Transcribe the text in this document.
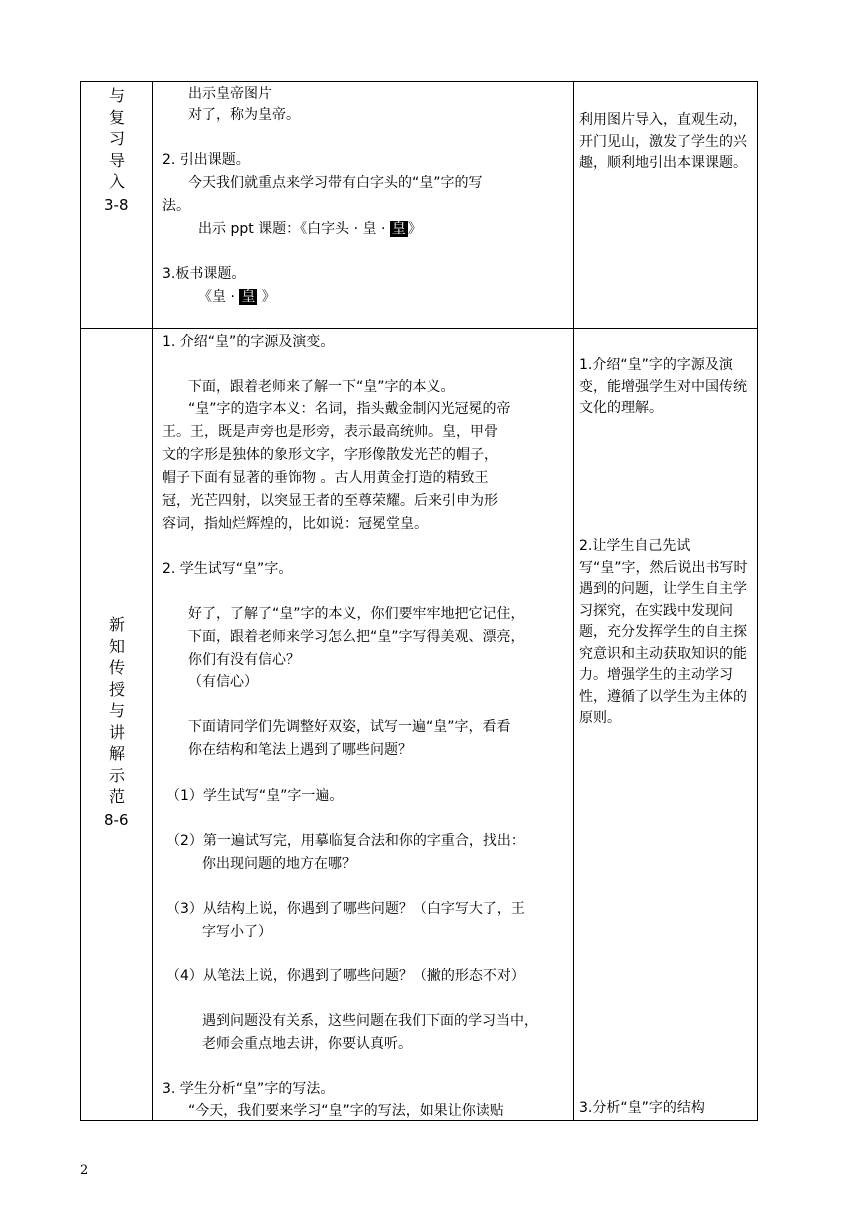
与
复
习
导
入
3-8
出示皇帝图片
对了，称为皇帝。
2. 引出课题。
今天我们就重点来学习带有白字头的“皇”字的写
法。
出示 ppt 课题：《白字头 · 皇 · 皇 》
3.板书课题。
《皇 · 皇 》
利用图片导入，直观生动，开门见山，激发了学生的兴趣，顺利地引出本课课题。
新
知
传
授
与
讲
解
示
范
8-6
1. 介绍“皇”的字源及演变。
下面，跟着老师来了解一下“皇”字的本义。
“皇”字的造字本义：名词，指头戴金制闪光冠冕的帝
王。王，既是声旁也是形旁，表示最高统帅。皇，甲骨
文的字形是独体的象形文字，字形像散发光芒的帽子，
帽子下面有显著的垂饰物 。古人用黄金打造的精致王
冠，光芒四射，以突显王者的至尊荣耀。后来引申为形
容词，指灿烂辉煌的，比如说：冠冕堂皇。
2. 学生试写“皇”字。
好了，了解了“皇”字的本义，你们要牢牢地把它记住，
下面，跟着老师来学习怎么把“皇”字写得美观、漂亮，
你们有没有信心？
（有信心）
下面请同学们先调整好双姿，试写一遍“皇”字，看看
你在结构和笔法上遇到了哪些问题？
（1）学生试写“皇”字一遍。
（2）第一遍试写完，用摹临复合法和你的字重合，找出：
你出现问题的地方在哪？
（3）从结构上说，你遇到了哪些问题？（白字写大了，王
字写小了）
（4）从笔法上说，你遇到了哪些问题？（撇的形态不对）
遇到问题没有关系，这些问题在我们下面的学习当中，
老师会重点地去讲，你要认真听。
3. 学生分析“皇”字的写法。
“今天，我们要来学习“皇”字的写法，如果让你读贴
1.介绍“皇”字的字源及演变，能增强学生对中国传统文化的理解。
2.让学生自己先试写“皇”字，然后说出书写时遇到的问题，让学生自主学习探究，在实践中发现问题，充分发挥学生的自主探究意识和主动获取知识的能力。增强学生的主动学习性，遵循了以学生为主体的原则。
3.分析“皇”字的结构
2
